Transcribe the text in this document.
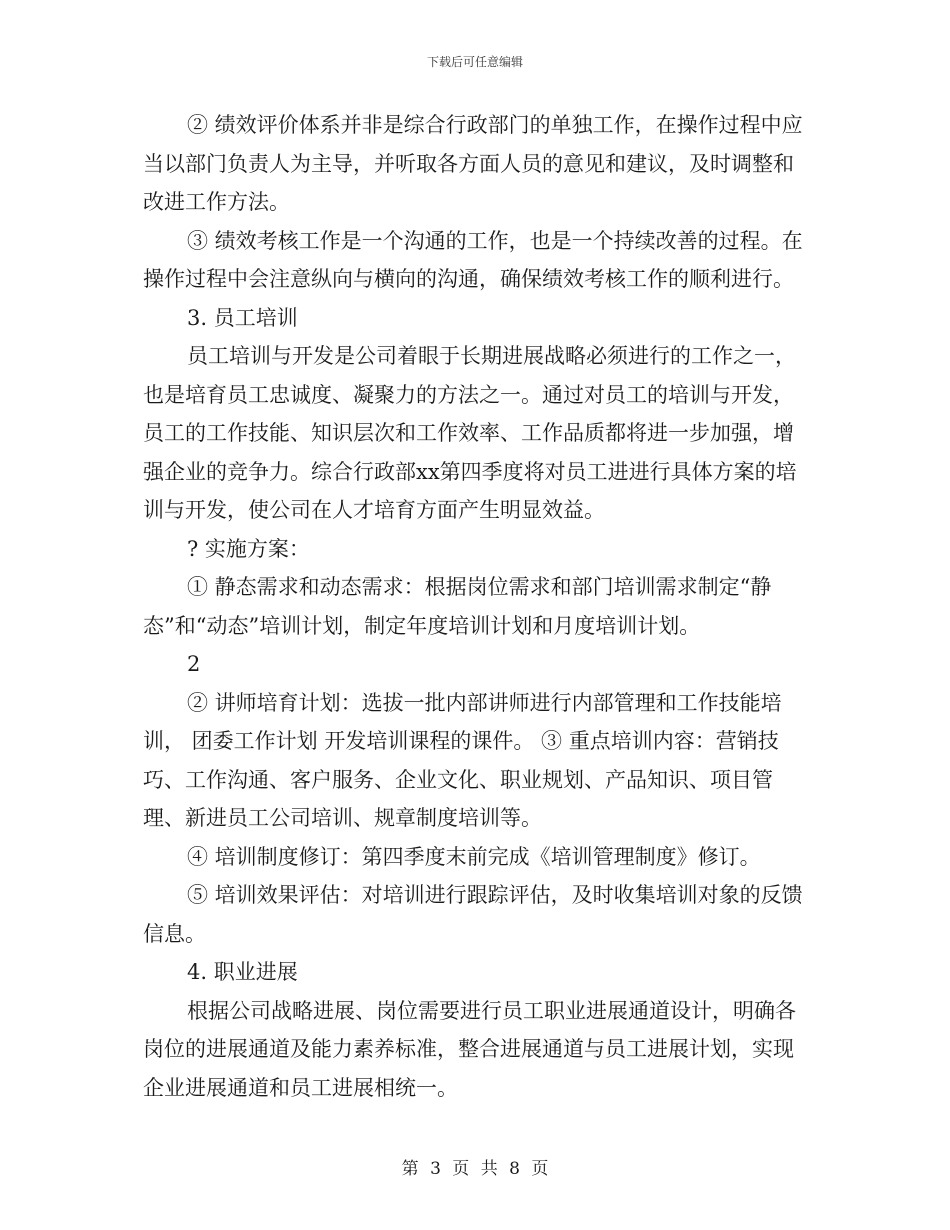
下载后可任意编辑

② 绩效评价体系并非是综合行政部门的单独工作，在操作过程中应当以部门负责人为主导，并听取各方面人员的意见和建议，及时调整和改进工作方法。

③ 绩效考核工作是一个沟通的工作，也是一个持续改善的过程。在操作过程中会注意纵向与横向的沟通，确保绩效考核工作的顺利进行。

3. 员工培训

员工培训与开发是公司着眼于长期进展战略必须进行的工作之一，也是培育员工忠诚度、凝聚力的方法之一。通过对员工的培训与开发，员工的工作技能、知识层次和工作效率、工作品质都将进一步加强，增强企业的竞争力。综合行政部xx第四季度将对员工进进行具体方案的培训与开发，使公司在人才培育方面产生明显效益。

? 实施方案：

① 静态需求和动态需求：根据岗位需求和部门培训需求制定“静态”和“动态”培训计划，制定年度培训计划和月度培训计划。

2

② 讲师培育计划：选拔一批内部讲师进行内部管理和工作技能培训， 团委工作计划 开发培训课程的课件。 ③ 重点培训内容：营销技巧、工作沟通、客户服务、企业文化、职业规划、产品知识、项目管理、新进员工公司培训、规章制度培训等。

④ 培训制度修订：第四季度末前完成《培训管理制度》修订。

⑤ 培训效果评估：对培训进行跟踪评估，及时收集培训对象的反馈信息。

4. 职业进展

根据公司战略进展、岗位需要进行员工职业进展通道设计，明确各岗位的进展通道及能力素养标准，整合进展通道与员工进展计划，实现企业进展通道和员工进展相统一。

第 3 页 共 8 页
